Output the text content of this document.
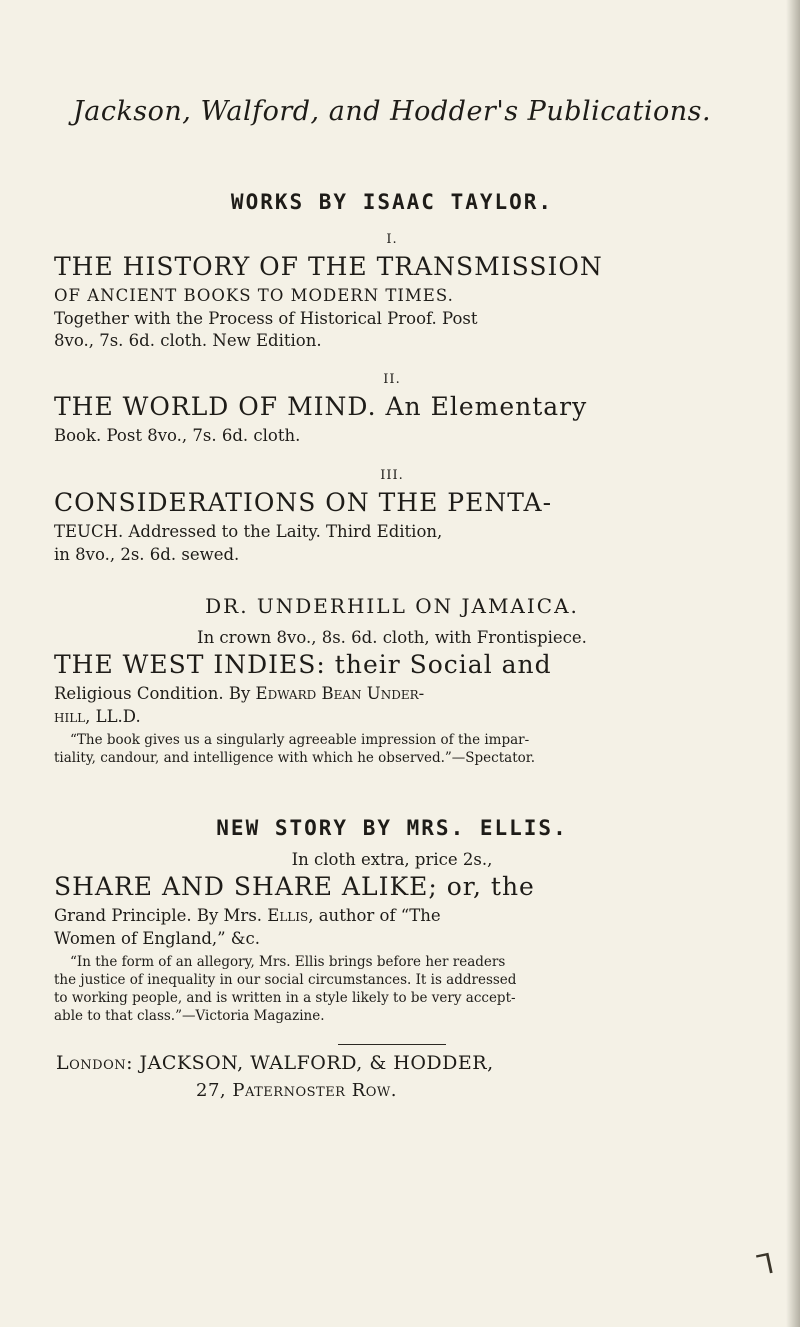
Jackson, Walford, and Hodder's Publications.
WORKS BY ISAAC TAYLOR.
I.
THE HISTORY OF THE TRANSMISSION
OF ANCIENT BOOKS TO MODERN TIMES.
Together with the Process of Historical Proof. Post
8vo., 7s. 6d. cloth. New Edition.
II.
THE WORLD OF MIND. An Elementary
Book. Post 8vo., 7s. 6d. cloth.
III.
CONSIDERATIONS ON THE PENTA-
TEUCH. Addressed to the Laity. Third Edition,
in 8vo., 2s. 6d. sewed.
DR. UNDERHILL ON JAMAICA.
In crown 8vo., 8s. 6d. cloth, with Frontispiece.
THE WEST INDIES: their Social and
Religious Condition. By Edward Bean Under-
hill, LL.D.
“The book gives us a singularly agreeable impression of the impar-
tiality, candour, and intelligence with which he observed.”—Spectator.
NEW STORY BY MRS. ELLIS.
In cloth extra, price 2s.,
SHARE AND SHARE ALIKE; or, the
Grand Principle. By Mrs. Ellis, author of “The
Women of England,” &c.
“In the form of an allegory, Mrs. Ellis brings before her readers
the justice of inequality in our social circumstances. It is addressed
to working people, and is written in a style likely to be very accept-
able to that class.”—Victoria Magazine.
London: JACKSON, WALFORD, & HODDER,
27, Paternoster Row.
⅂
